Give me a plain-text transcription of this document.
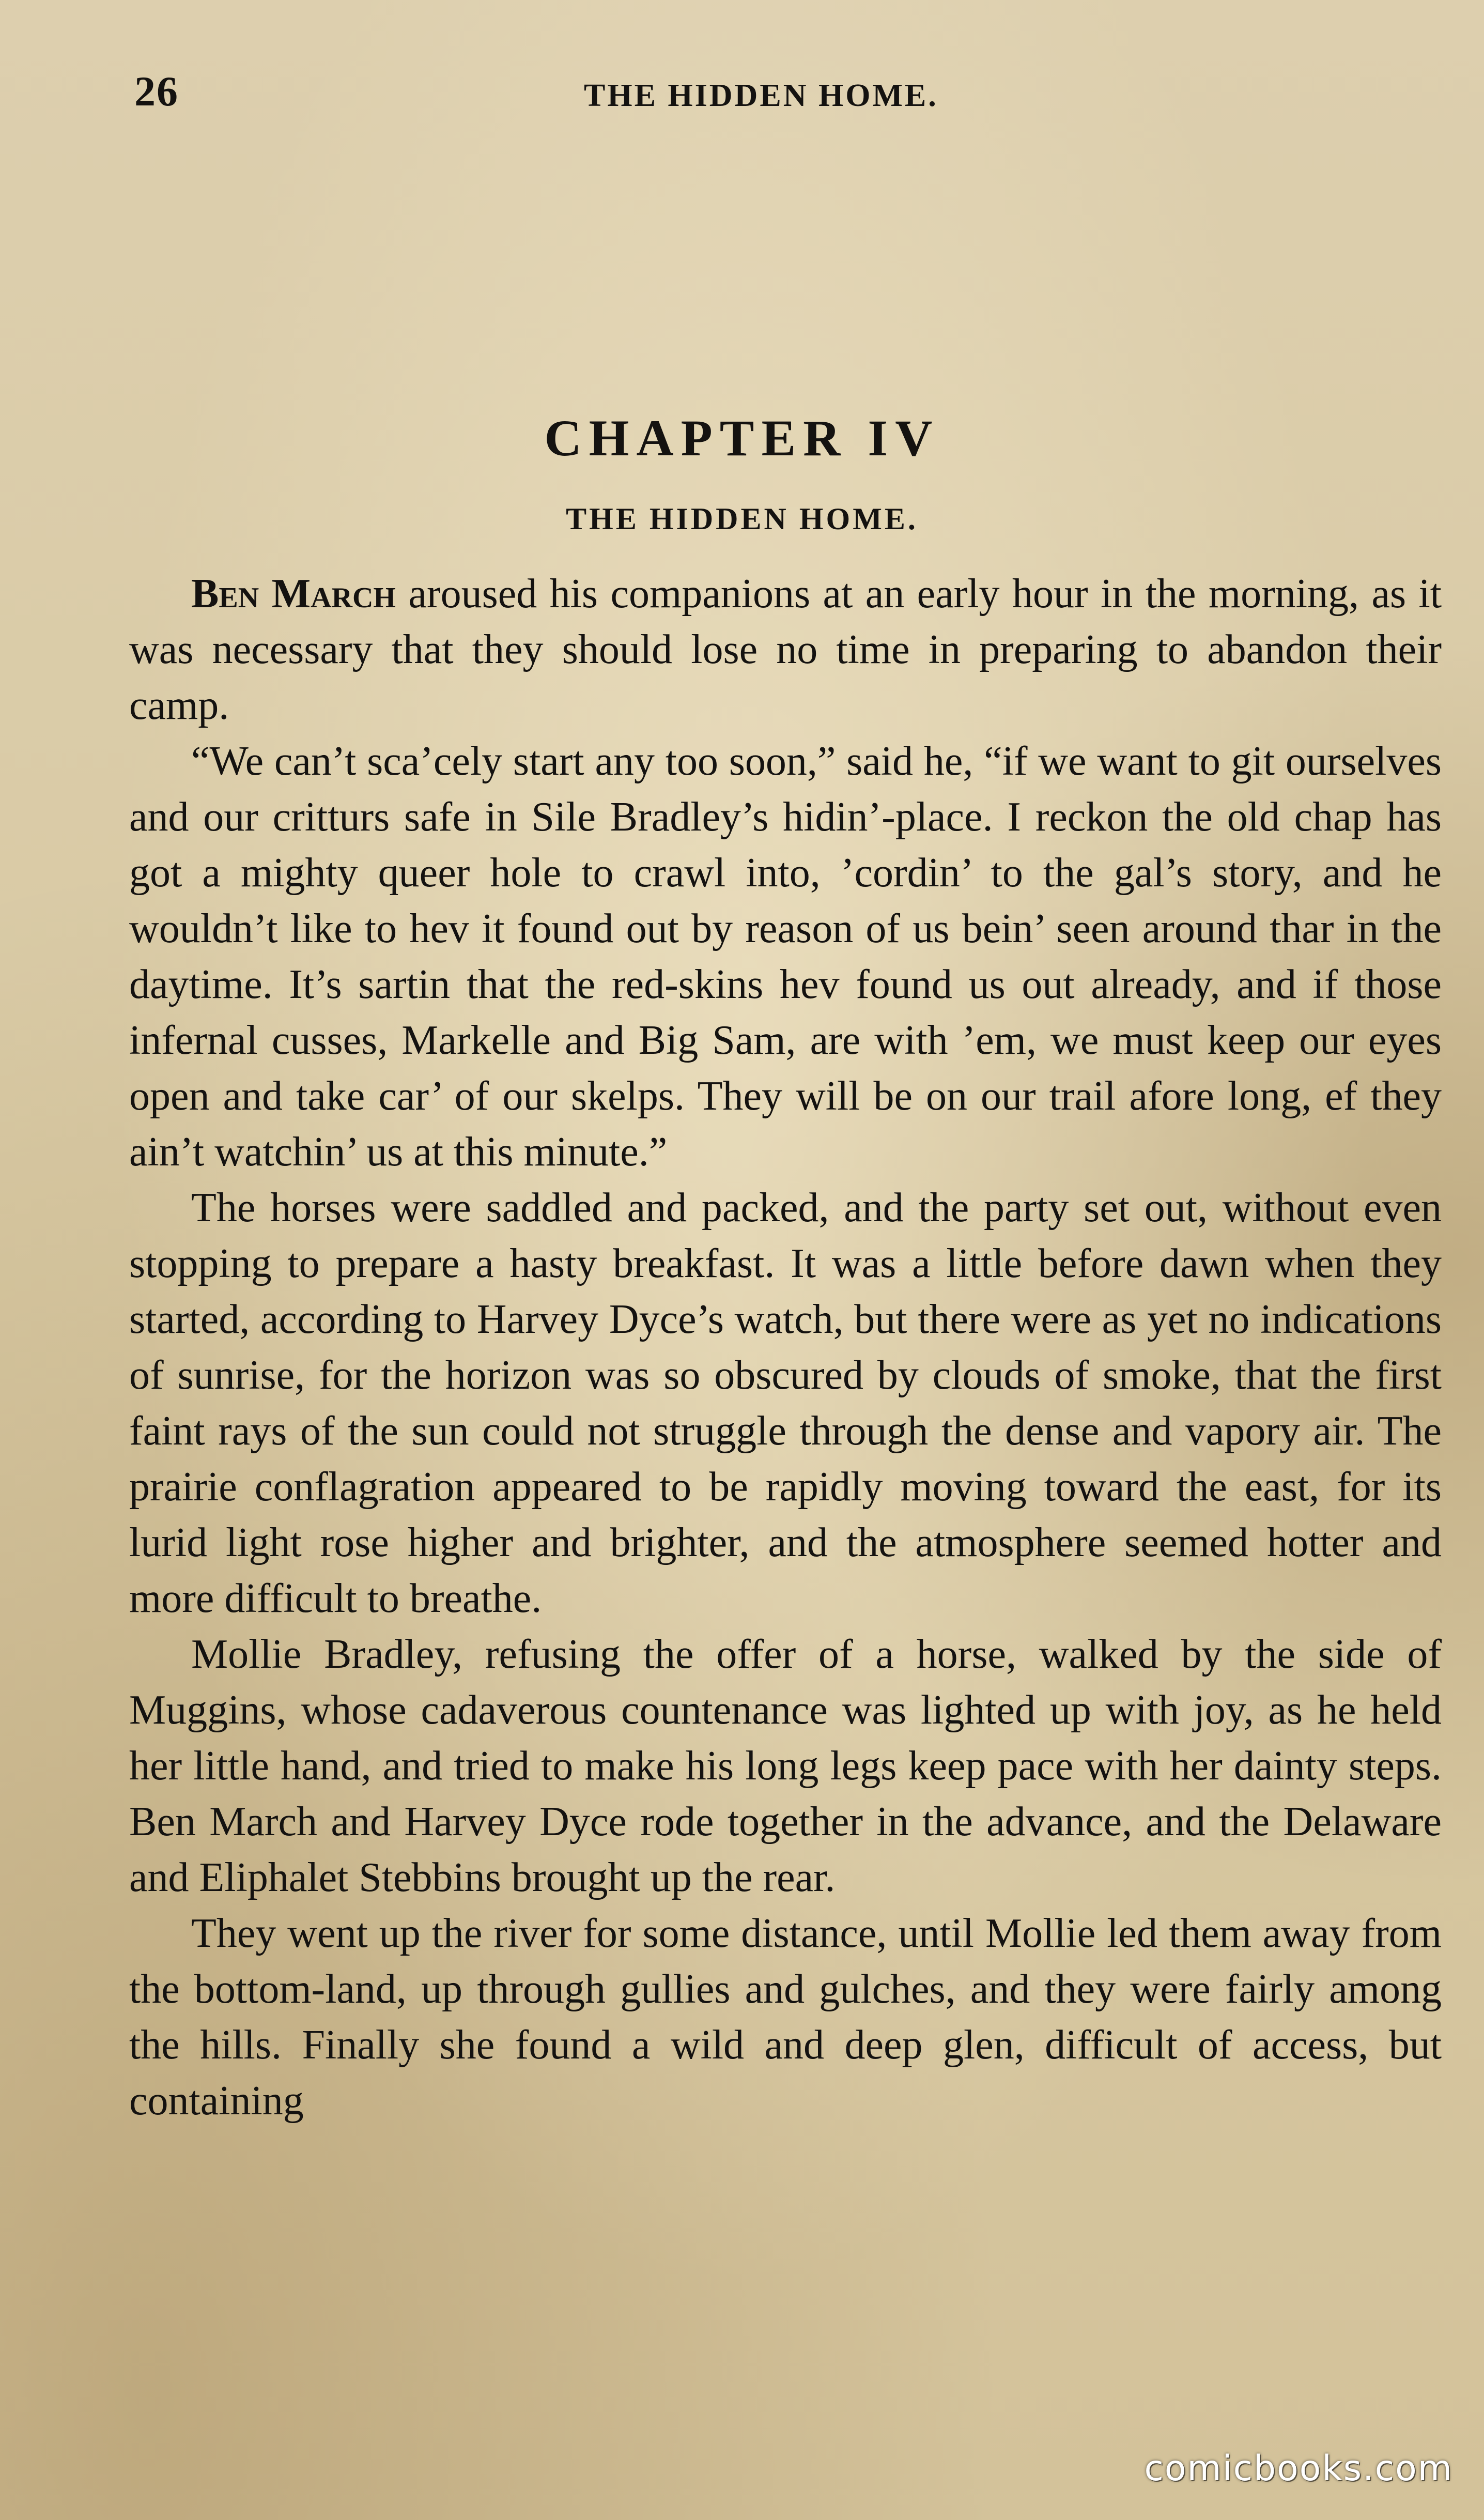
26	THE HIDDEN HOME.
CHAPTER IV
THE HIDDEN HOME.

Ben March aroused his companions at an early hour in the morning, as it was necessary that they should lose no time in preparing to abandon their camp.

“We can’t sca’cely start any too soon,” said he, “if we want to git ourselves and our critturs safe in Sile Bradley’s hidin’-place. I reckon the old chap has got a mighty queer hole to crawl into, ’cordin’ to the gal’s story, and he wouldn’t like to hev it found out by reason of us bein’ seen around thar in the daytime. It’s sartin that the red-skins hev found us out already, and if those infernal cusses, Markelle and Big Sam, are with ’em, we must keep our eyes open and take car’ of our skelps. They will be on our trail afore long, ef they ain’t watchin’ us at this minute.”

The horses were saddled and packed, and the party set out, without even stopping to prepare a hasty breakfast. It was a little before dawn when they started, according to Harvey Dyce’s watch, but there were as yet no indications of sunrise, for the horizon was so obscured by clouds of smoke, that the first faint rays of the sun could not struggle through the dense and vapory air. The prairie conflagration appeared to be rapidly moving toward the east, for its lurid light rose higher and brighter, and the atmosphere seemed hotter and more difficult to breathe.

Mollie Bradley, refusing the offer of a horse, walked by the side of Muggins, whose cadaverous countenance was lighted up with joy, as he held her little hand, and tried to make his long legs keep pace with her dainty steps. Ben March and Harvey Dyce rode together in the advance, and the Delaware and Eliphalet Stebbins brought up the rear.

They went up the river for some distance, until Mollie led them away from the bottom-land, up through gullies and gulches, and they were fairly among the hills. Finally she found a wild and deep glen, difficult of access, but containing

comicbooks.com
